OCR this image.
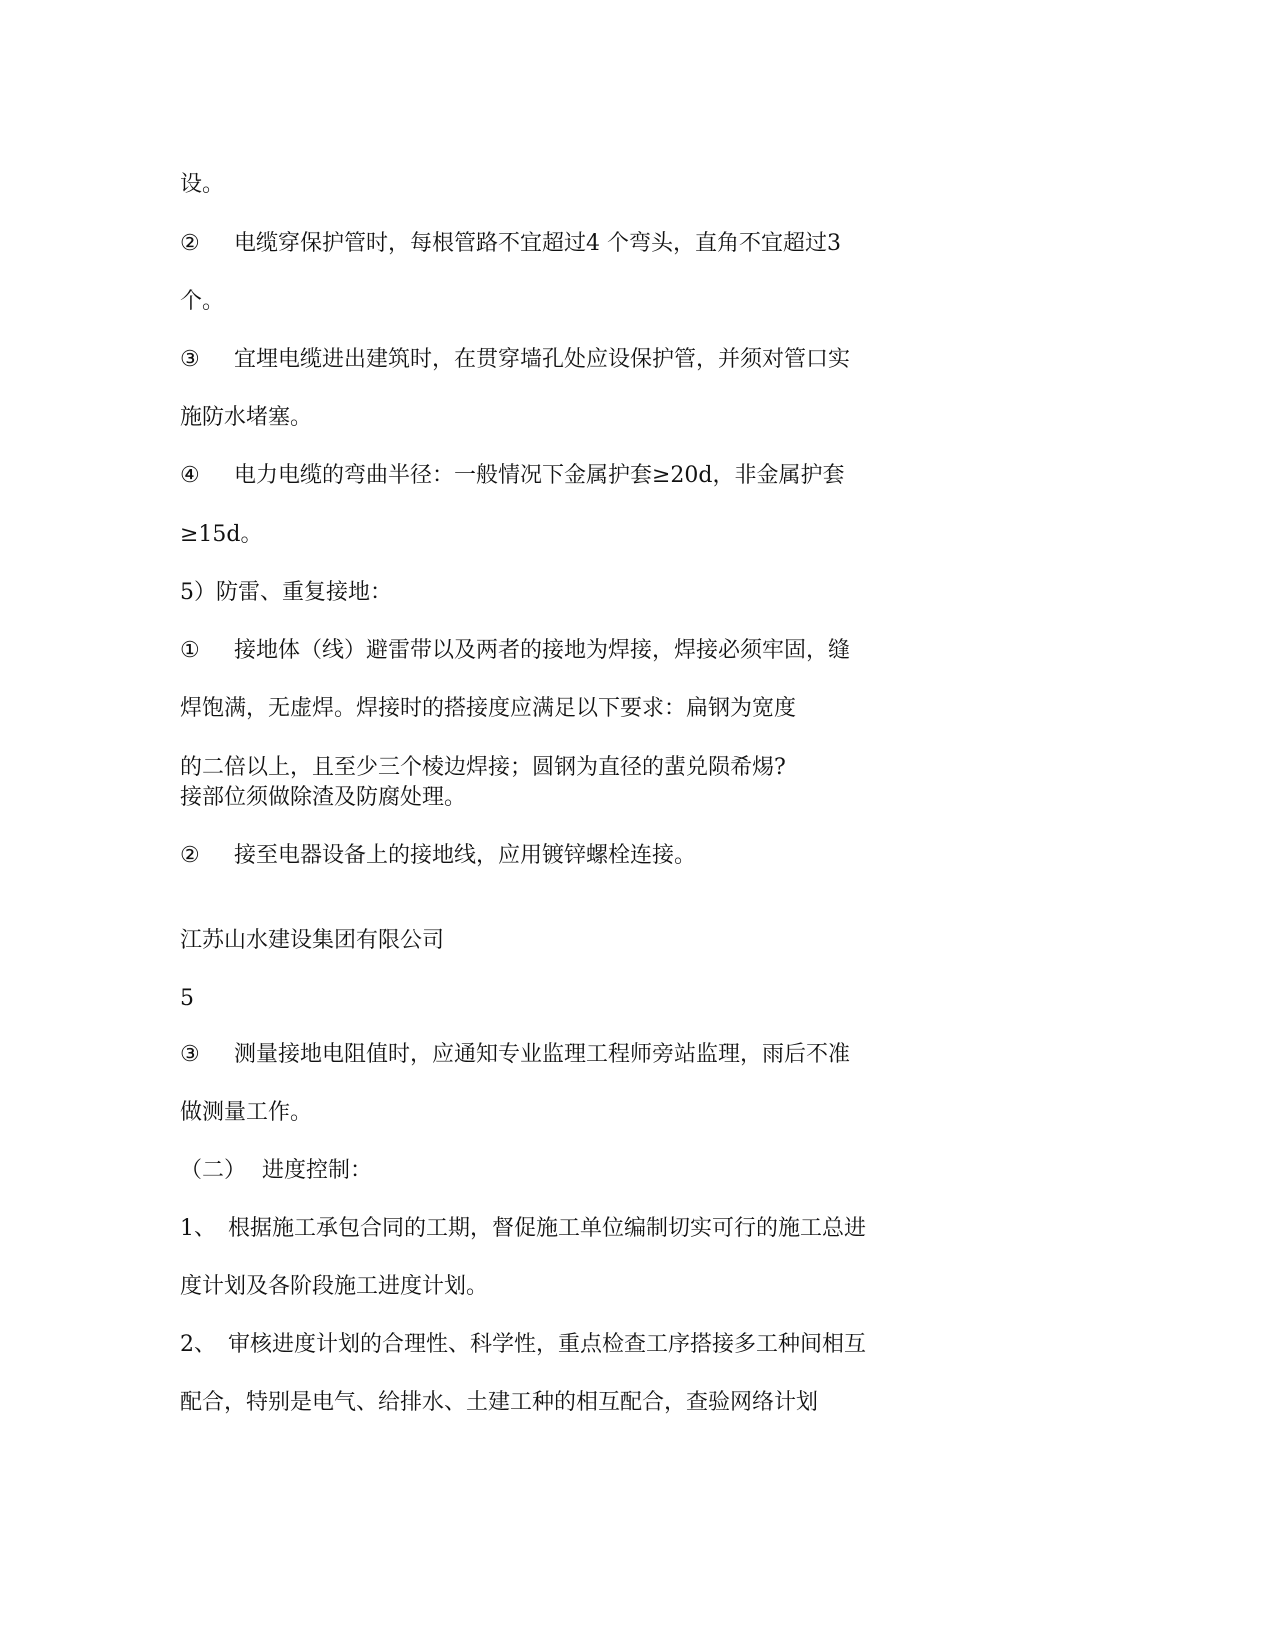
设。
② 电缆穿保护管时，每根管路不宜超过4 个弯头，直角不宜超过3
个。
③ 宜埋电缆进出建筑时，在贯穿墙孔处应设保护管，并须对管口实
施防水堵塞。
④ 电力电缆的弯曲半径：一般情况下金属护套≥20d，非金属护套
≥15d。
5）防雷、重复接地：
① 接地体（线）避雷带以及两者的接地为焊接，焊接必须牢固，缝
焊饱满，无虚焊。焊接时的搭接度应满足以下要求：扁钢为宽度
的二倍以上，且至少三个棱边焊接；圆钢为直径的蜚兑陨希焬?
接部位须做除渣及防腐处理。
② 接至电器设备上的接地线，应用镀锌螺栓连接。
江苏山水建设集团有限公司
5
③ 测量接地电阻值时，应通知专业监理工程师旁站监理，雨后不准
做测量工作。
（二） 进度控制：
1、 根据施工承包合同的工期，督促施工单位编制切实可行的施工总进
度计划及各阶段施工进度计划。
2、 审核进度计划的合理性、科学性，重点检查工序搭接多工种间相互
配合，特别是电气、给排水、土建工种的相互配合，查验网络计划
